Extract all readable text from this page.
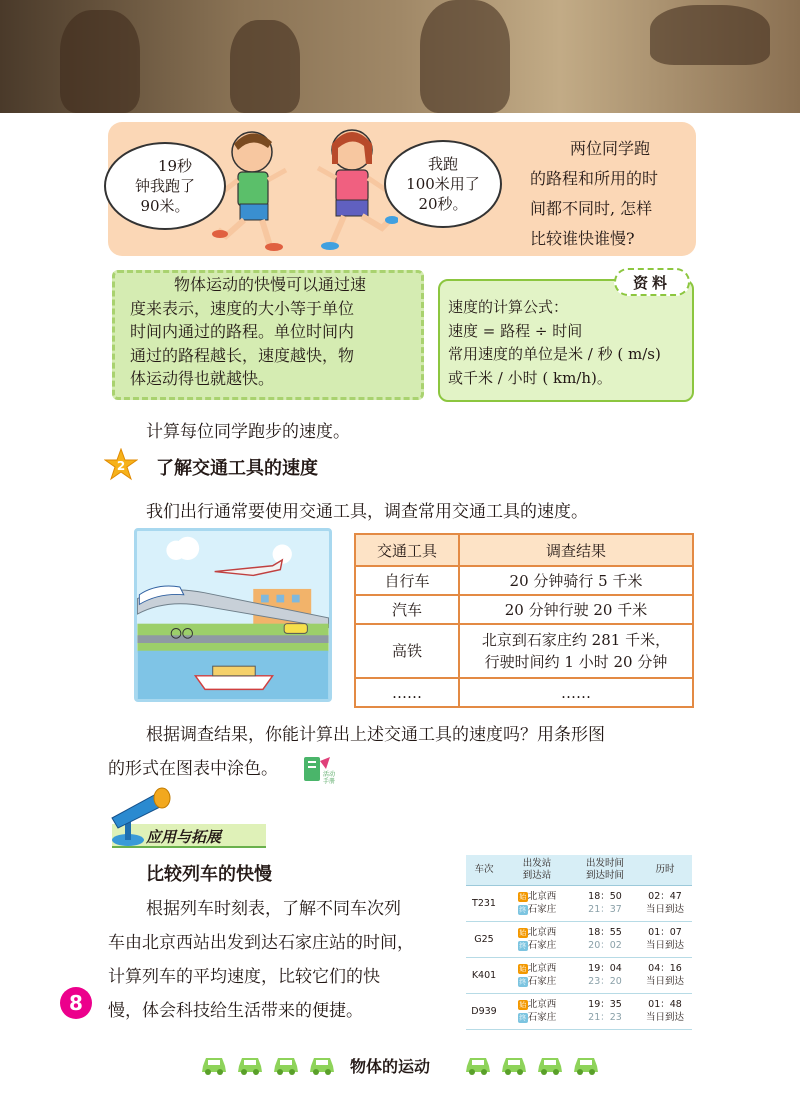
19秒
钟我跑了
90米。
我跑
100米用了
20秒。
两位同学跑
的路程和所用的时
间都不同时, 怎样
比较谁快谁慢?
物体运动的快慢可以通过速
度来表示，速度的大小等于单位
时间内通过的路程。单位时间内
通过的路程越长，速度越快，物
体运动得也就越快。
资料
速度的计算公式：
速度 = 路程 ÷ 时间
常用速度的单位是米 / 秒 ( m/s)
或千米 / 小时 ( km/h)。
计算每位同学跑步的速度。
2 了解交通工具的速度
我们出行通常要使用交通工具，调查常用交通工具的速度。
交通工具	调查结果
自行车	20 分钟骑行 5 千米
汽车	20 分钟行驶 20 千米
高铁	北京到石家庄约 281 千米，
行驶时间约 1 小时 20 分钟

……	……
根据调查结果，你能计算出上述交通工具的速度吗？用条形图
的形式在图表中涂色。	活动
手册
应用与拓展
比较列车的快慢
根据列车时刻表，了解不同车次列
车由北京西站出发到达石家庄站的时间，
计算列车的平均速度，比较它们的快
慢，体会科技给生活带来的便捷。
车次	出发站
到达站	出发时间
到达时间	历时
T231	始 北京西
终 石家庄	18：50
21：37	02：47
当日到达

G25	始 北京西
终 石家庄	18：55
20：02	01：07
当日到达

K401	始 北京西
终 石家庄	19：04
23：20	04：16
当日到达

D939	始 北京西
终 石家庄	19：35
21：23	01：48
当日到达
8
物体的运动
